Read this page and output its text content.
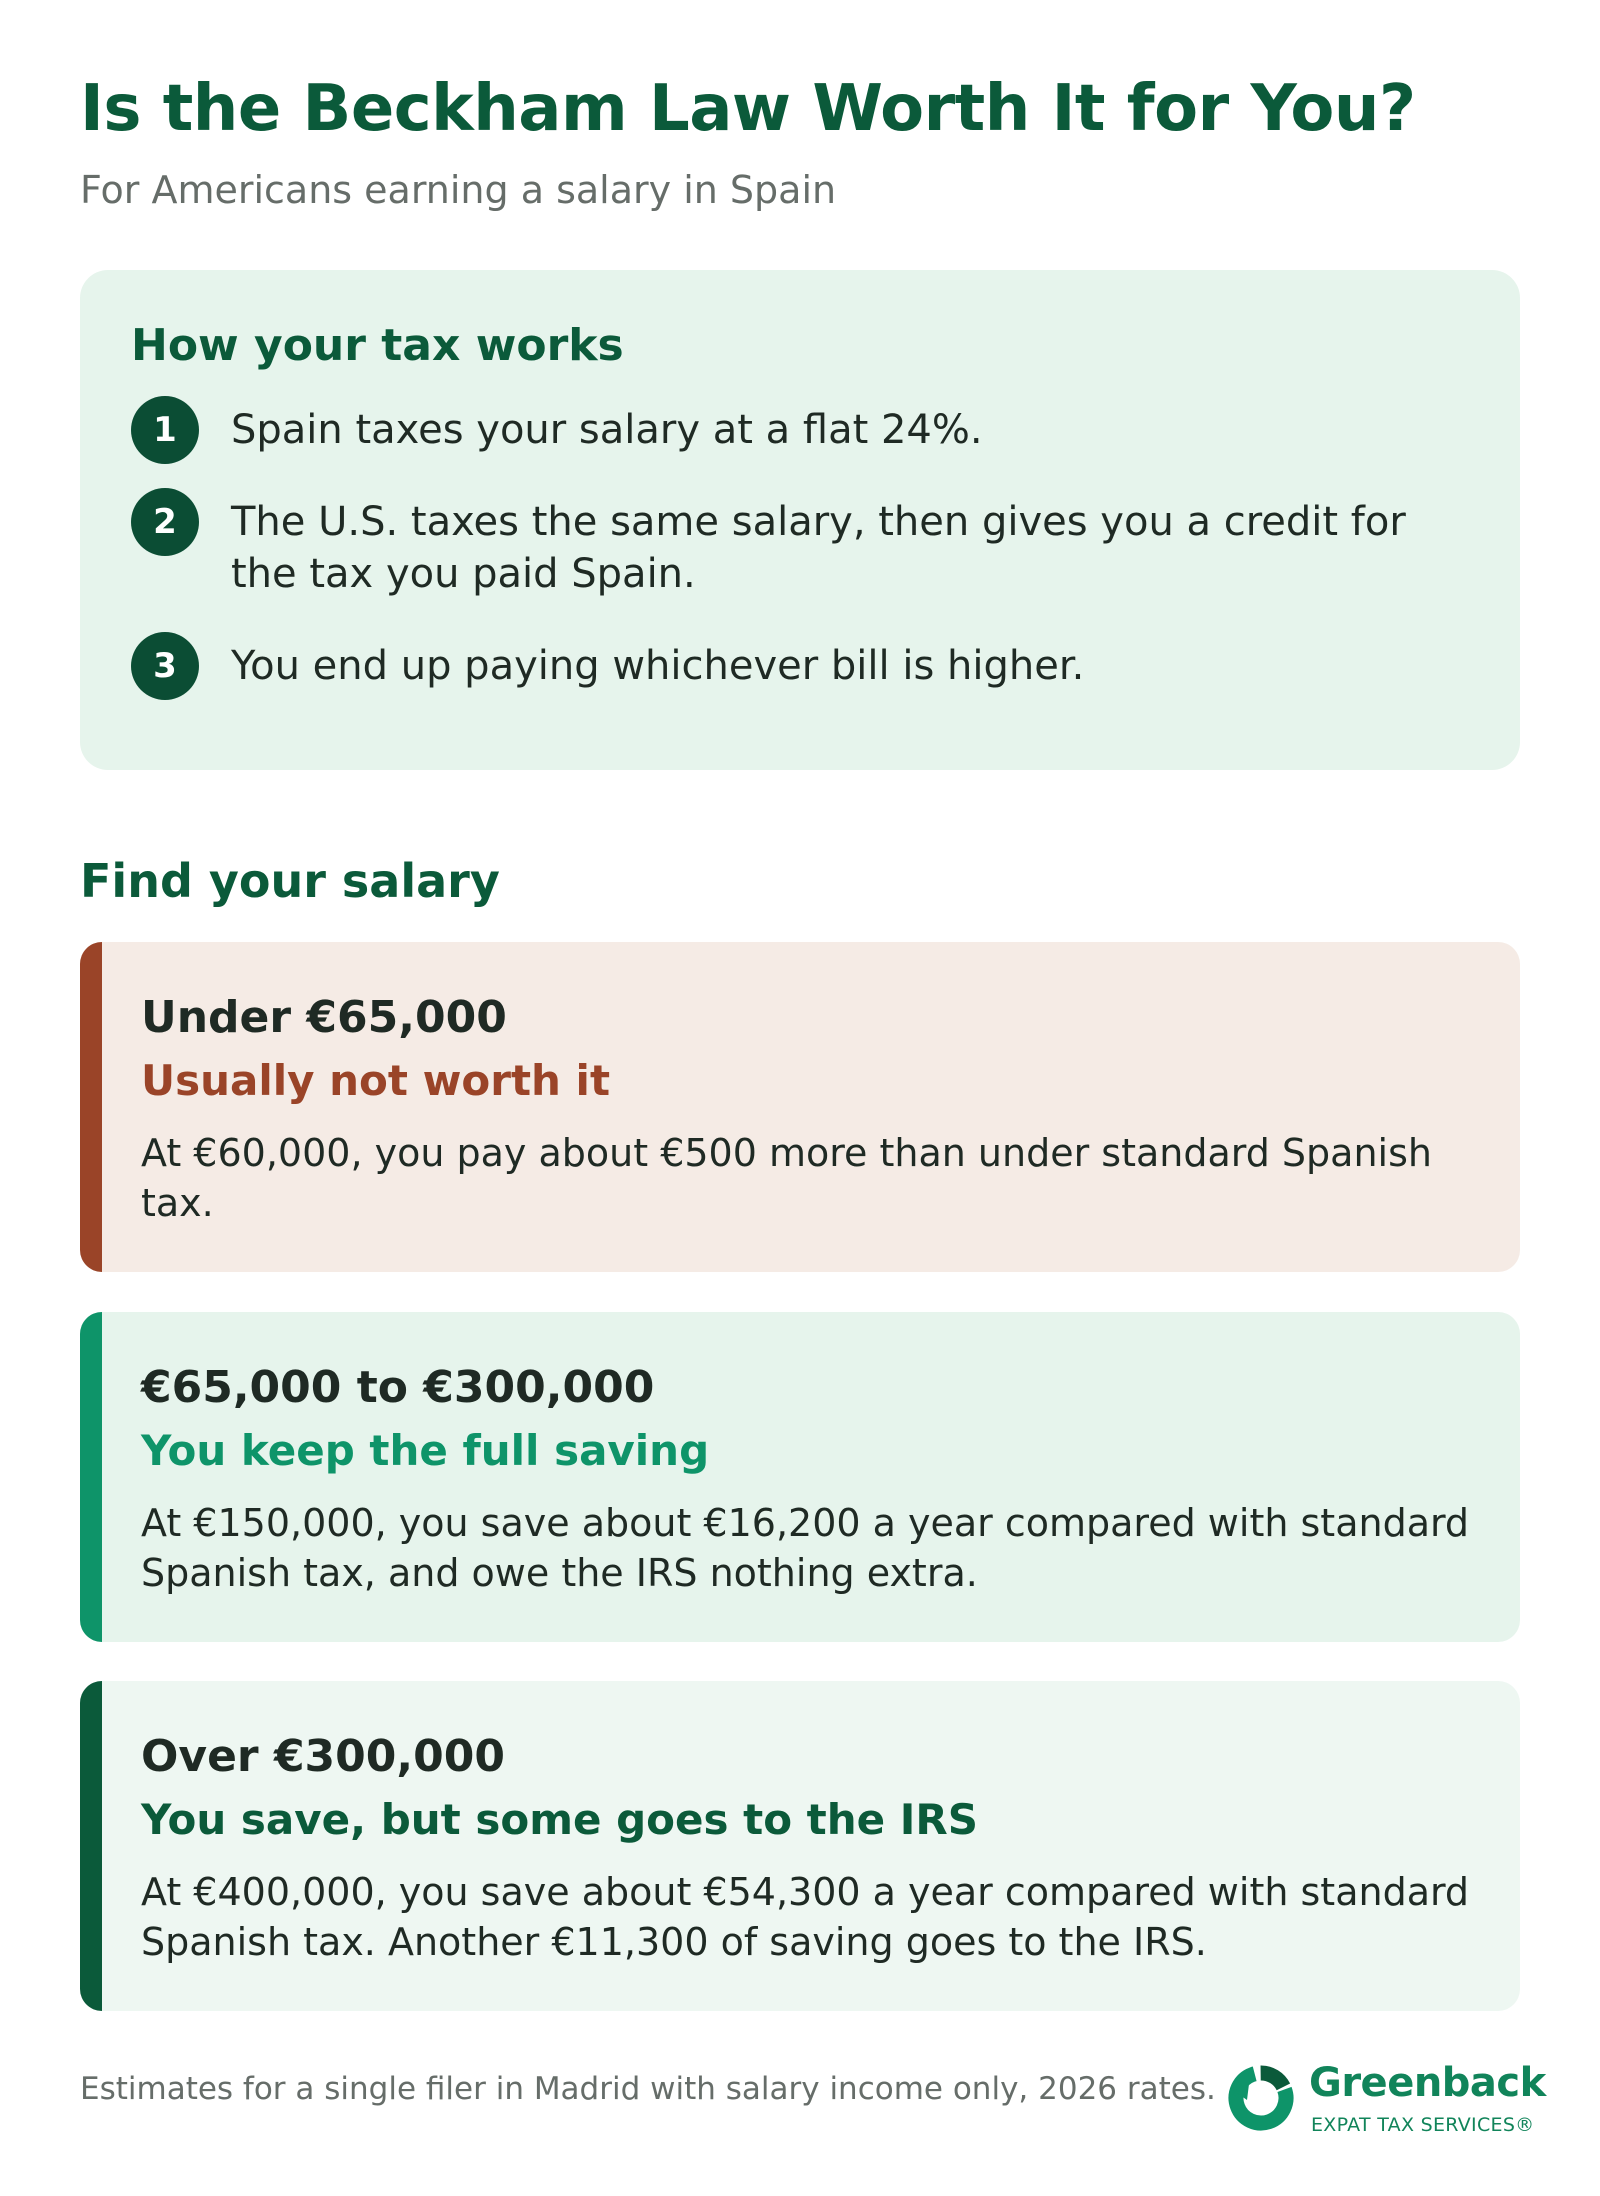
Is the Beckham Law Worth It for You?

For Americans earning a salary in Spain

How your tax works
1	Spain taxes your salary at a flat 24%.
2	The U.S. taxes the same salary, then gives you a credit for the tax you paid Spain.
3	You end up paying whichever bill is higher.
Find your salary
Under €65,000
Usually not worth it
At €60,000, you pay about €500 more than under standard Spanish tax.
€65,000 to €300,000
You keep the full saving
At €150,000, you save about €16,200 a year compared with standard Spanish tax, and owe the IRS nothing extra.
Over €300,000
You save, but some goes to the IRS
At €400,000, you save about €54,300 a year compared with standard Spanish tax. Another €11,300 of saving goes to the IRS.
Estimates for a single filer in Madrid with salary income only, 2026 rates. Greenback
EXPAT TAX SERVICES®
